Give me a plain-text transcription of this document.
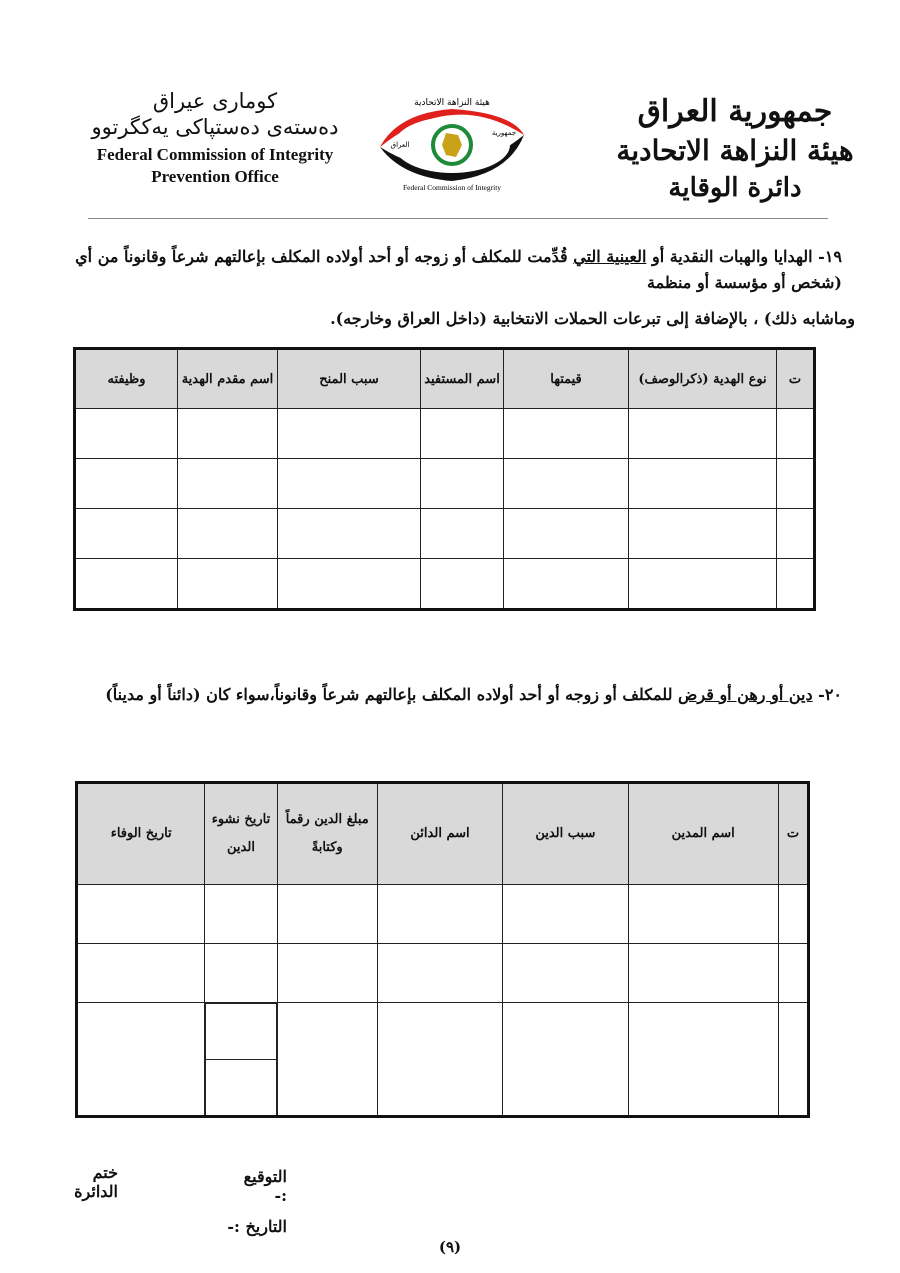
کوماری عیراق
دەستەی دەستپاکی یەکگرتوو
Federal Commission of Integrity
Prevention Office
هيئة النزاهة الاتحادية
العراق
جمهورية
Federal Commission of Integrity
جمهورية العراق
هيئة النزاهة الاتحادية
دائرة الوقاية
١٩- الهدايا والهبات النقدية أو العينية التي قُدِّمت للمكلف أو زوجه أو أحد أولاده المكلف بإعالتهم شرعاً وقانوناً من أي (شخص أو مؤسسة أو منظمة
وماشابه ذلك) ، بالإضافة إلى تبرعات الحملات الانتخابية (داخل العراق وخارجه).
ت	نوع الهدية (ذكرالوصف)	قيمتها	اسم المستفيد	سبب المنح	اسم مقدم الهدية	وظيفته

٢٠- دين أو رهن أو قرض للمكلف أو زوجه أو أحد أولاده المكلف بإعالتهم شرعاً وقانوناً،سواء كان (دائناً أو مديناً)
ت	اسم المدين	سبب الدين	اسم الدائن	مبلغ الدين رقماً وكتابةً	تاريخ نشوء الدين	تاريخ الوفاء

التوقيع :-
ختم الدائرة
التاريخ :-
(٩)
